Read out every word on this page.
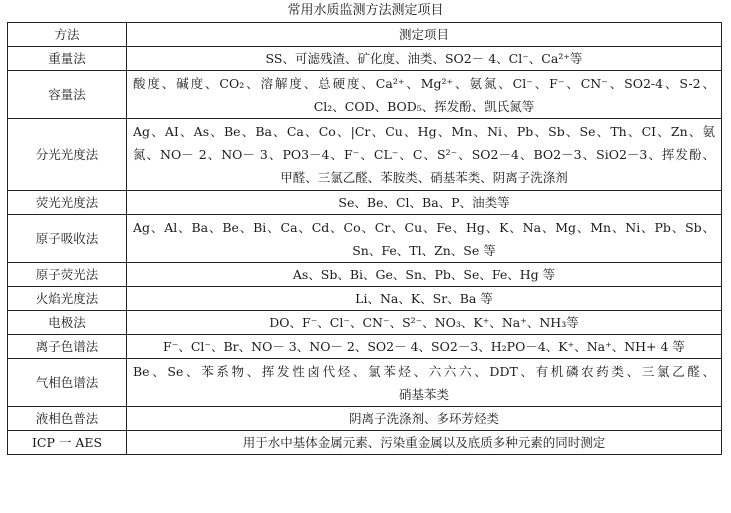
常用水质监测方法测定项目
方法	测定项目
重量法	SS、可滤残渣、矿化度、油类、SO2－ 4、Cl⁻、Ca²⁺等
容量法	酸度、碱度、CO₂、溶解度、总硬度、Ca²⁺、Mg²⁺、氨氮、Cl⁻、F⁻、CN⁻、SO2-4、S-2、
Cl₂、COD、BOD₅、挥发酚、凯氏氮等

分光光度法	Ag、AI、As、Be、Ba、Ca、Co、|Cr、Cu、Hg、Mn、Ni、Pb、Sb、Se、Th、CI、Zn、氨
氮、NO－ 2、NO－ 3、PO3－4、F⁻、CL⁻、C、S²⁻、SO2－4、BO2－3、SiO2－3、挥发酚、
甲醛、三氯乙醛、苯胺类、硝基苯类、阴离子洗涤剂

荧光光度法	Se、Be、Cl、Ba、P、油类等
原子吸收法	Ag、Al、Ba、Be、Bi、Ca、Cd、Co、Cr、Cu、Fe、Hg、K、Na、Mg、Mn、Ni、Pb、Sb、
Sn、Fe、Tl、Zn、Se 等

原子荧光法	As、Sb、Bi、Ge、Sn、Pb、Se、Fe、Hg 等
火焰光度法	Li、Na、K、Sr、Ba 等
电极法	DO、F⁻、Cl⁻、CN⁻、S²⁻、NO₃、K⁺、Na⁺、NH₃等
离子色谱法	F⁻、Cl⁻、Br、NO－ 3、NO－ 2、SO2－ 4、SO2－3、H₂PO－4、K⁺、Na⁺、NH+ 4 等
气相色谱法	Be、Se、苯系物、挥发性卤代烃、氯苯烃、六六六、DDT、有机磷农药类、三氯乙醛、
硝基苯类

液相色普法	阴离子洗涤剂、多环芳烃类
ICP 一 AES	用于水中基体金属元素、污染重金属以及底质多种元素的同时测定
